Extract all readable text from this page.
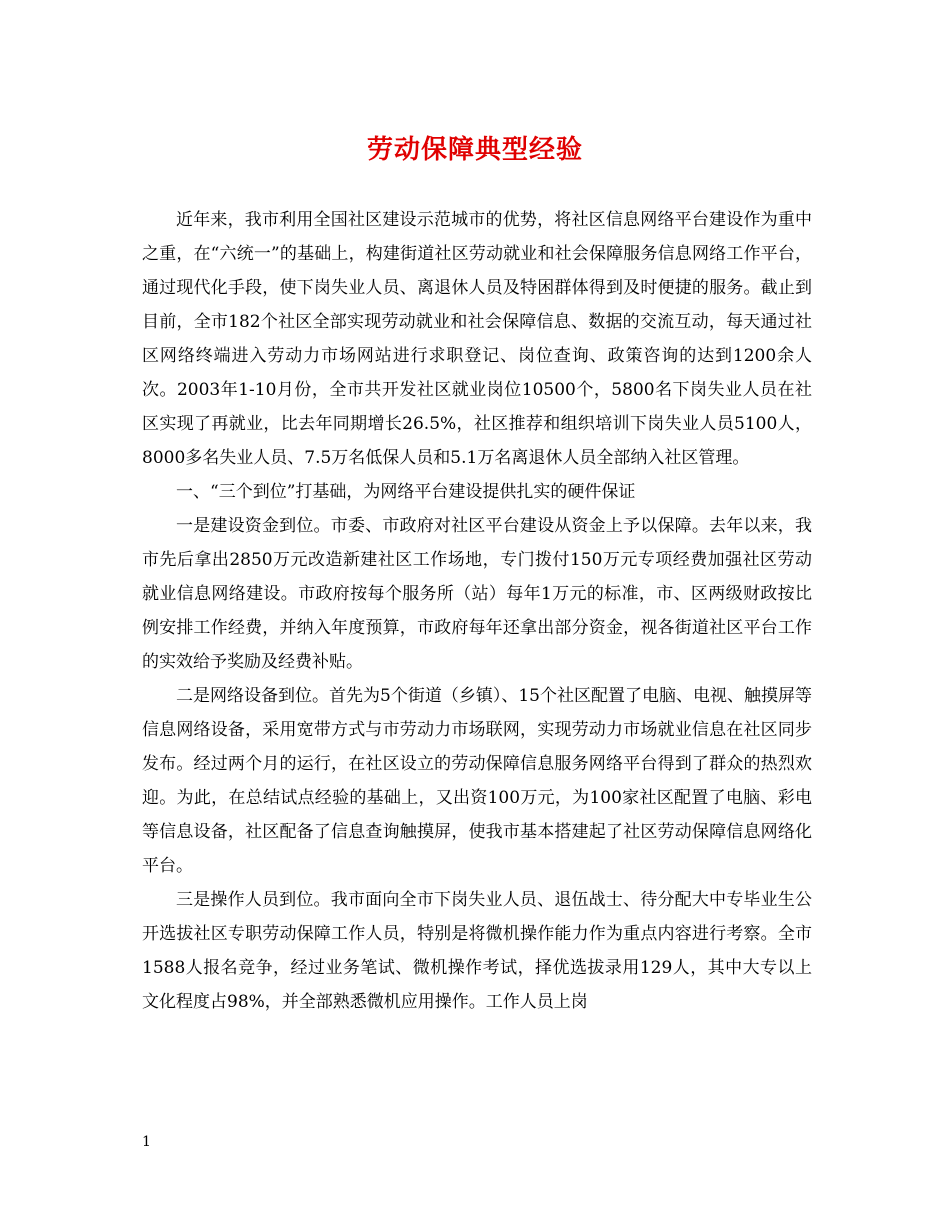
劳动保障典型经验

近年来，我市利用全国社区建设示范城市的优势，将社区信息网络平台建设作为重中之重，在“六统一”的基础上，构建街道社区劳动就业和社会保障服务信息网络工作平台，通过现代化手段，使下岗失业人员、离退休人员及特困群体得到及时便捷的服务。截止到目前，全市182个社区全部实现劳动就业和社会保障信息、数据的交流互动，每天通过社区网络终端进入劳动力市场网站进行求职登记、岗位查询、政策咨询的达到1200余人次。2003年1-10月份，全市共开发社区就业岗位10500个，5800名下岗失业人员在社区实现了再就业，比去年同期增长26.5%，社区推荐和组织培训下岗失业人员5100人，8000多名失业人员、7.5万名低保人员和5.1万名离退休人员全部纳入社区管理。

一、“三个到位”打基础，为网络平台建设提供扎实的硬件保证

一是建设资金到位。市委、市政府对社区平台建设从资金上予以保障。去年以来，我市先后拿出2850万元改造新建社区工作场地，专门拨付150万元专项经费加强社区劳动就业信息网络建设。市政府按每个服务所（站）每年1万元的标准，市、区两级财政按比例安排工作经费，并纳入年度预算，市政府每年还拿出部分资金，视各街道社区平台工作的实效给予奖励及经费补贴。

二是网络设备到位。首先为5个街道（乡镇）、15个社区配置了电脑、电视、触摸屏等信息网络设备，采用宽带方式与市劳动力市场联网，实现劳动力市场就业信息在社区同步发布。经过两个月的运行，在社区设立的劳动保障信息服务网络平台得到了群众的热烈欢迎。为此，在总结试点经验的基础上，又出资100万元，为100家社区配置了电脑、彩电等信息设备，社区配备了信息查询触摸屏，使我市基本搭建起了社区劳动保障信息网络化平台。

三是操作人员到位。我市面向全市下岗失业人员、退伍战士、待分配大中专毕业生公开选拔社区专职劳动保障工作人员，特别是将微机操作能力作为重点内容进行考察。全市1588人报名竞争，经过业务笔试、微机操作考试，择优选拔录用129人，其中大专以上文化程度占98%，并全部熟悉微机应用操作。工作人员上岗

1
